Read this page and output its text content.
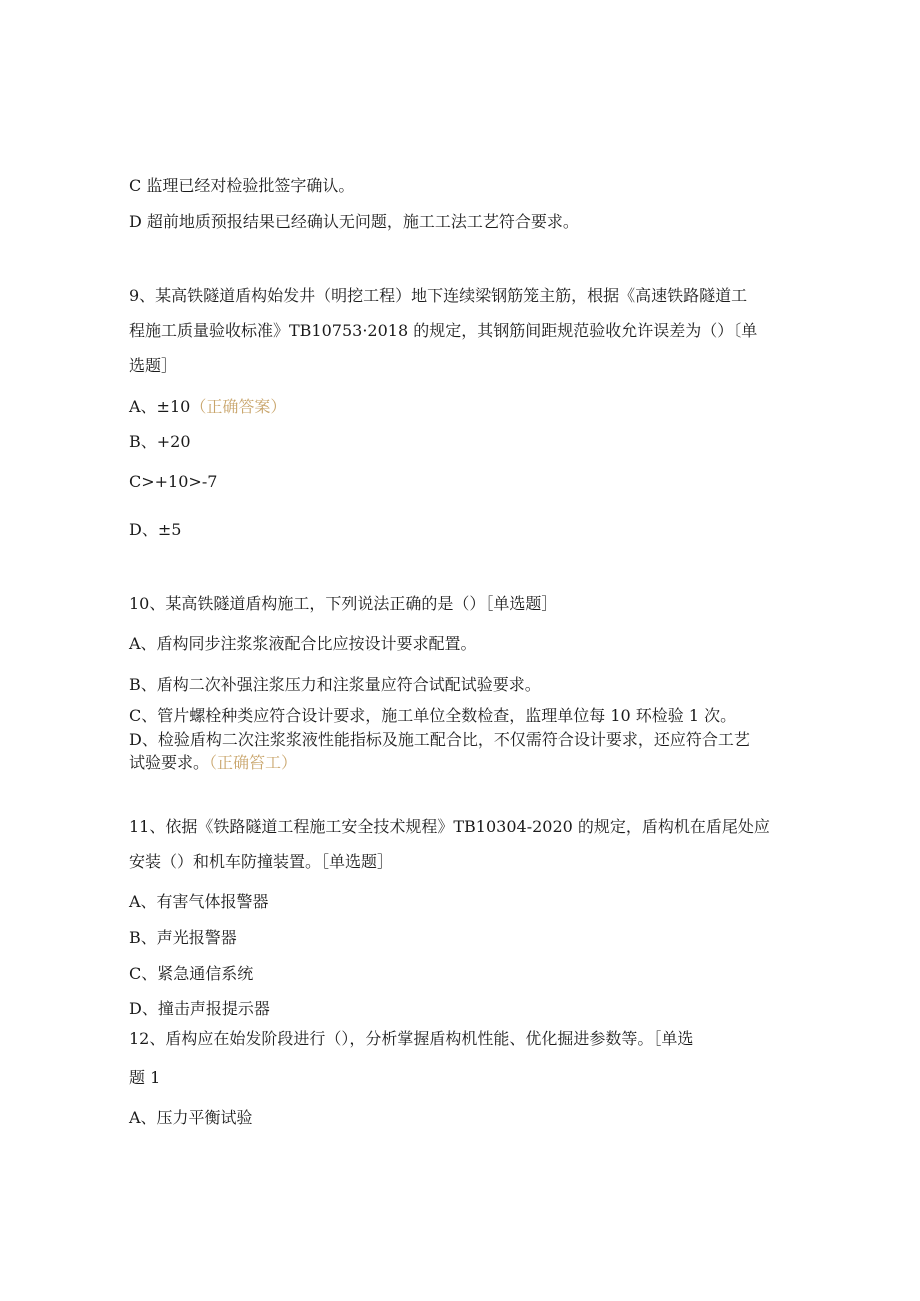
C 监理已经对检验批签字确认。
D 超前地质预报结果已经确认无问题，施工工法工艺符合要求。
9、某高铁隧道盾构始发井（明挖工程）地下连续梁钢筋笼主筋，根据《高速铁路隧道工
程施工质量验收标准》TB10753·2018 的规定，其钢筋间距规范验收允许误差为（）〔单
选题］
A、±10（正确答案）
B、+20
C>+10>-7
D、±5
10、某高铁隧道盾构施工，下列说法正确的是（）［单选题］
A、盾构同步注浆浆液配合比应按设计要求配置。
B、盾构二次补强注浆压力和注浆量应符合试配试验要求。
C、管片螺栓种类应符合设计要求，施工单位全数检查，监理单位每 10 环检验 1 次。
D、检验盾构二次注浆浆液性能指标及施工配合比，不仅需符合设计要求，还应符合工艺
试验要求。（正确笞工）
11、依据《铁路隧道工程施工安全技术规程》TB10304-2020 的规定，盾构机在盾尾处应
安装（）和机车防撞装置。［单选题］
A、有害气体报警器
B、声光报警器
C、紧急通信系统
D、撞击声报提示器
12、盾构应在始发阶段进行（），分析掌握盾构机性能、优化掘进参数等。［单选
题 1
A、压力平衡试验
